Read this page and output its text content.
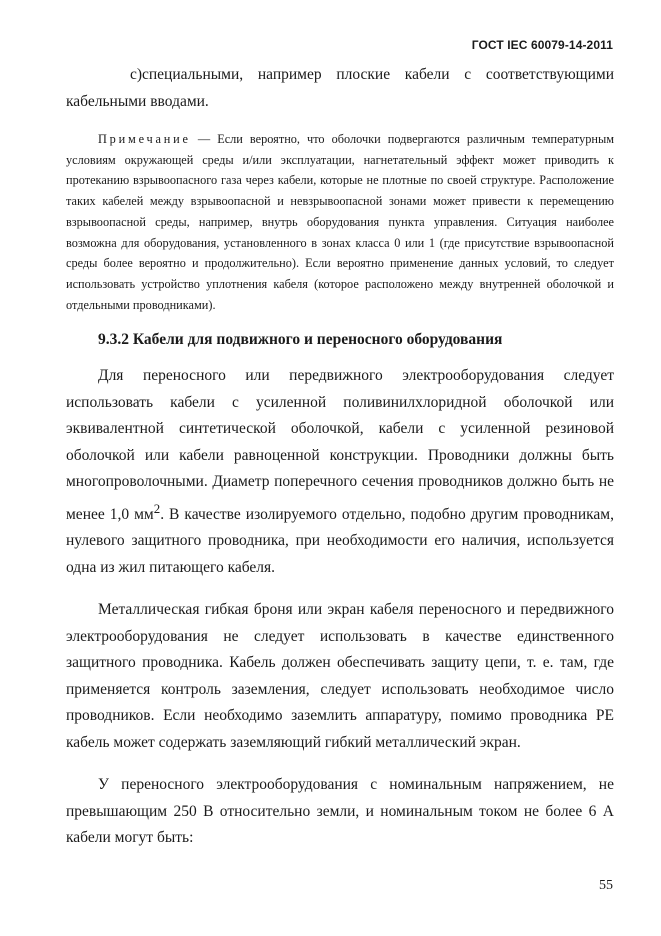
ГОСТ IEC 60079-14-2011

c)специальными, например плоские кабели с соответствующими кабельными вводами.

Примечание — Если вероятно, что оболочки подвергаются различным температурным условиям окружающей среды и/или эксплуатации, нагнетательный эффект может приводить к протеканию взрывоопасного газа через кабели, которые не плотные по своей структуре. Расположение таких кабелей между взрывоопасной и невзрывоопасной зонами может привести к перемещению взрывоопасной среды, например, внутрь оборудования пункта управления. Ситуация наиболее возможна для оборудования, установленного в зонах класса 0 или 1 (где присутствие взрывоопасной среды более вероятно и продолжительно). Если вероятно применение данных условий, то следует использовать устройство уплотнения кабеля (которое расположено между внутренней оболочкой и отдельными проводниками).

9.3.2 Кабели для подвижного и переносного оборудования

Для переносного или передвижного электрооборудования следует использовать кабели с усиленной поливинилхлоридной оболочкой или эквивалентной синтетической оболочкой, кабели с усиленной резиновой оболочкой или кабели равноценной конструкции. Проводники должны быть многопроволочными. Диаметр поперечного сечения проводников должно быть не менее 1,0 $мм^2$. В качестве изолируемого отдельно, подобно другим проводникам, нулевого защитного проводника, при необходимости его наличия, используется одна из жил питающего кабеля.

Металлическая гибкая броня или экран кабеля переносного и передвижного электрооборудования не следует использовать в качестве единственного защитного проводника. Кабель должен обеспечивать защиту цепи, т. е. там, где применяется контроль заземления, следует использовать необходимое число проводников. Если необходимо заземлить аппаратуру, помимо проводника PE кабель может содержать заземляющий гибкий металлический экран.

У переносного электрооборудования с номинальным напряжением, не превышающим 250 В относительно земли, и номинальным током не более 6 А кабели могут быть:

55
